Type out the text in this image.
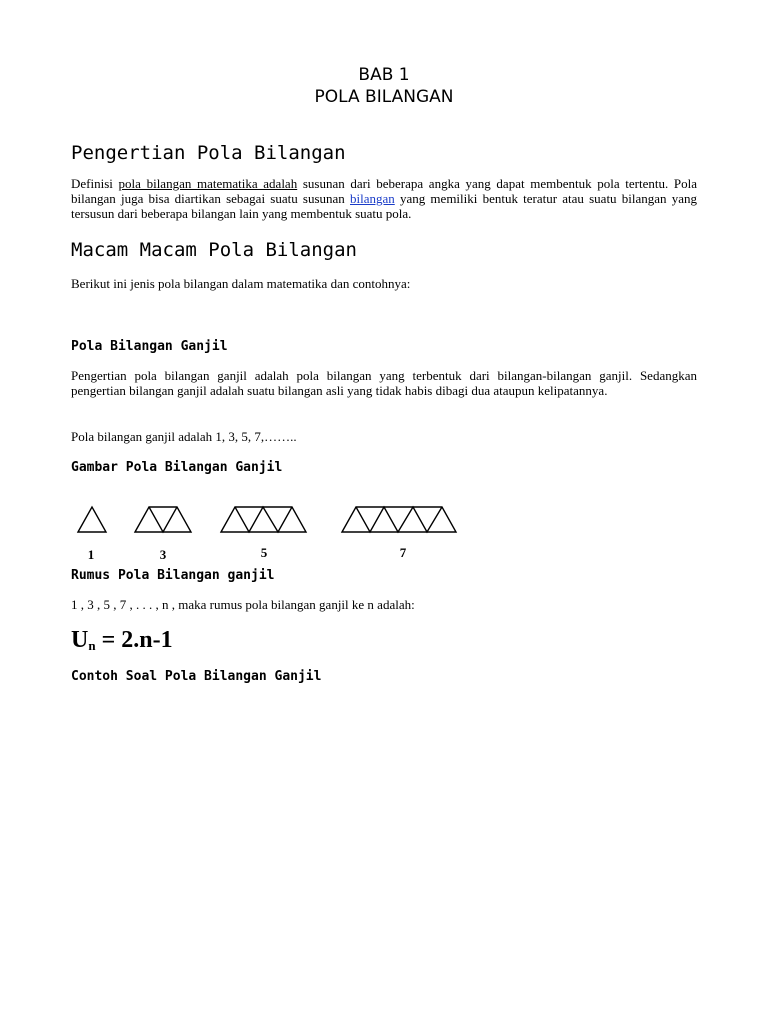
BAB 1
POLA BILANGAN
Pengertian Pola Bilangan

Definisi pola bilangan matematika adalah susunan dari beberapa angka yang dapat membentuk pola tertentu. Pola bilangan juga bisa diartikan sebagai suatu susunan bilangan yang memiliki bentuk teratur atau suatu bilangan yang tersusun dari beberapa bilangan lain yang membentuk suatu pola.

Macam Macam Pola Bilangan

Berikut ini jenis pola bilangan dalam matematika dan contohnya:

Pola Bilangan Ganjil

Pengertian pola bilangan ganjil adalah pola bilangan yang terbentuk dari bilangan-bilangan ganjil. Sedangkan pengertian bilangan ganjil adalah suatu bilangan asli yang tidak habis dibagi dua ataupun kelipatannya.

Pola bilangan ganjil adalah 1, 3, 5, 7,……..

Gambar Pola Bilangan Ganjil
1	3	5	7
Rumus Pola Bilangan ganjil

1 , 3 , 5 , 7 , . . . , n , maka rumus pola bilangan ganjil ke n adalah:

$U_n = 2.n-1$
Contoh Soal Pola Bilangan Ganjil
